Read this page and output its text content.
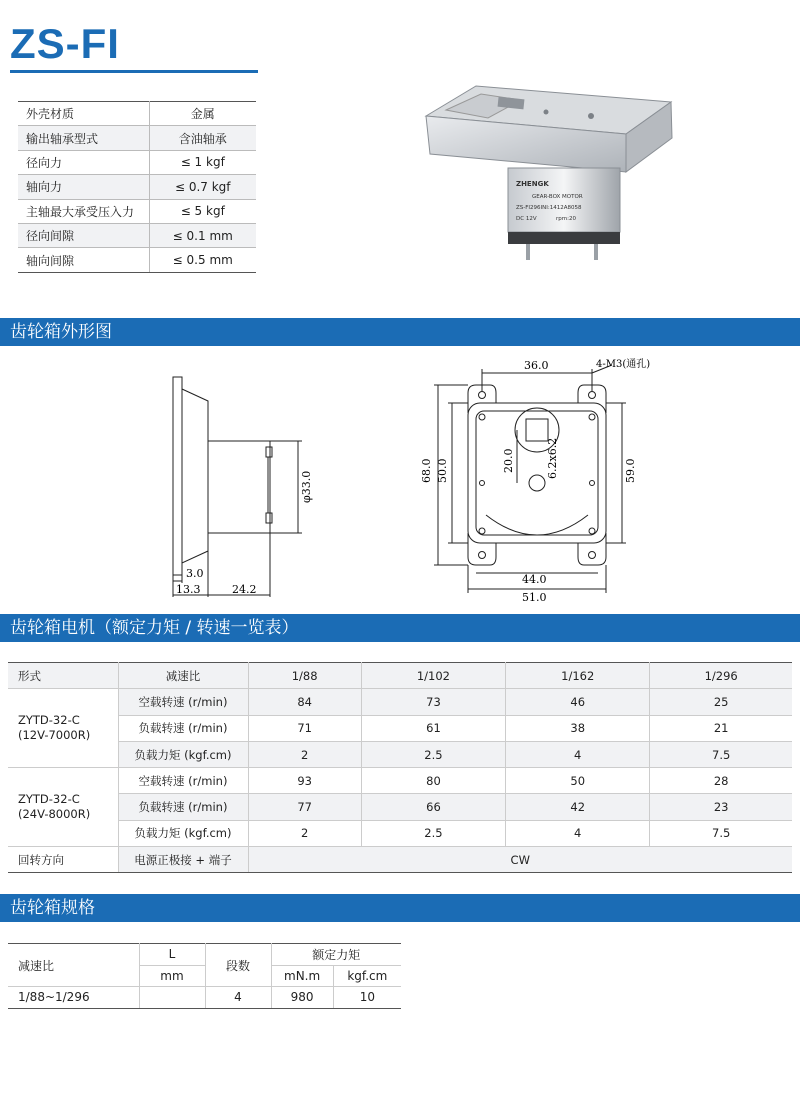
ZS-FI
外壳材质	金属
输出轴承型式	含油轴承
径向力	≤ 1 kgf
轴向力	≤ 0.7 kgf
主轴最大承受压入力	≤ 5 kgf
径向间隙	≤ 0.1 mm
轴向间隙	≤ 0.5 mm
ZHENGK
GEAR-BOX MOTOR
ZS-FI296INI:1412A8058
DC 12V	rpm:20
齿轮箱外形图
36.0	4-M3(通孔)
68.0 50.0	20.0	6.2x6.2	59.0
44.0
51.0
φ33.0
3.0
13.3	24.2
齿轮箱电机（额定力矩 / 转速一览表）
形式	减速比	1/88	1/102	1/162	1/296
ZYTD-32-C
(12V-7000R)	空载转速 (r/min)	84	73	46	25
	负载转速 (r/min)	71	61	38	21
	负载力矩 (kgf.cm)	2	2.5	4	7.5
ZYTD-32-C
(24V-8000R)	空载转速 (r/min)	93	80	50	28
	负载转速 (r/min)	77	66	42	23
	负载力矩 (kgf.cm)	2	2.5	4	7.5
回转方向	电源正极接 + 端子	CW			
齿轮箱规格
减速比	L	段数	额定力矩	
	mm		mN.m	kgf.cm
1/88~1/296		4	980	10
